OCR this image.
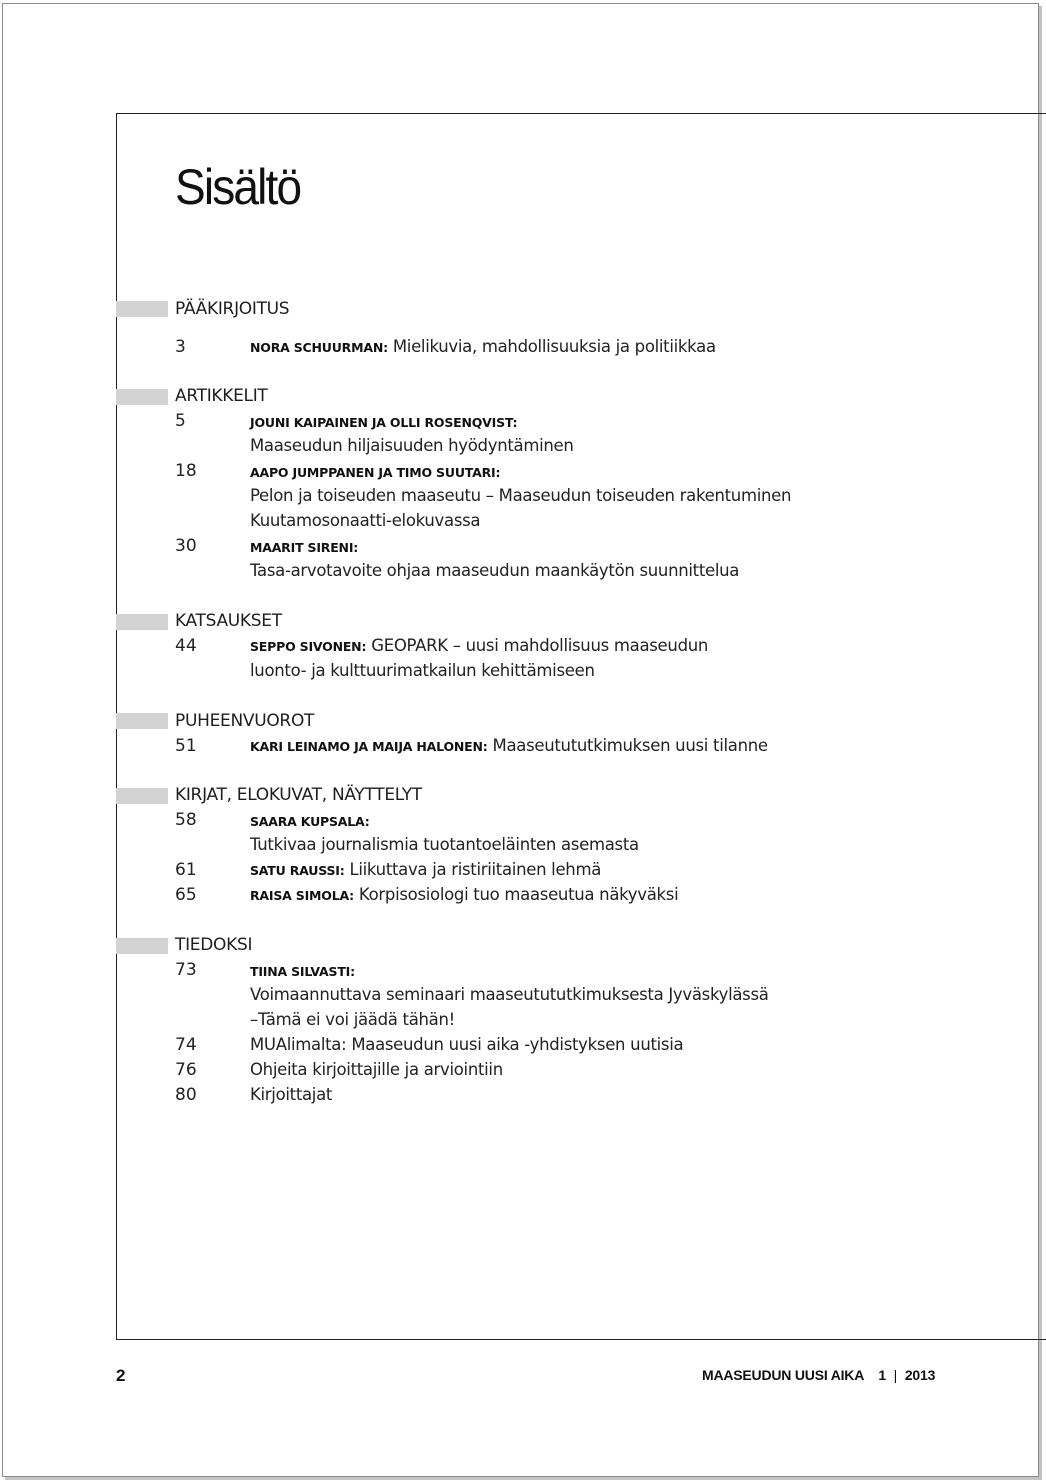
Sisältö
PÄÄKIRJOITUS
3	NORA SCHUURMAN: Mielikuvia, mahdollisuuksia ja politiikkaa
ARTIKKELIT
5	JOUNI KAIPAINEN JA OLLI ROSENQVIST:
Maaseudun hiljaisuuden hyödyntäminen
18	AAPO JUMPPANEN JA TIMO SUUTARI:
Pelon ja toiseuden maaseutu – Maaseudun toiseuden rakentuminen
Kuutamosonaatti-elokuvassa
30	MAARIT SIRENI:
Tasa-arvotavoite ohjaa maaseudun maankäytön suunnittelua
KATSAUKSET
44	SEPPO SIVONEN: GEOPARK – uusi mahdollisuus maaseudun
luonto- ja kulttuurimatkailun kehittämiseen
PUHEENVUOROT
51	KARI LEINAMO JA MAIJA HALONEN: Maaseutututkimuksen uusi tilanne
KIRJAT, ELOKUVAT, NÄYTTELYT
58	SAARA KUPSALA:
Tutkivaa journalismia tuotantoeläinten asemasta
61	SATU RAUSSI: Liikuttava ja ristiriitainen lehmä
65	RAISA SIMOLA: Korpisosiologi tuo maaseutua näkyväksi
TIEDOKSI
73	TIINA SILVASTI:
Voimaannuttava seminaari maaseutututkimuksesta Jyväskylässä
–Tämä ei voi jäädä tähän!
74	MUAlimalta: Maaseudun uusi aika -yhdistyksen uutisia
76	Ohjeita kirjoittajille ja arviointiin
80	Kirjoittajat
2	MAASEUDUN UUSI AIKA 1 | 2013
